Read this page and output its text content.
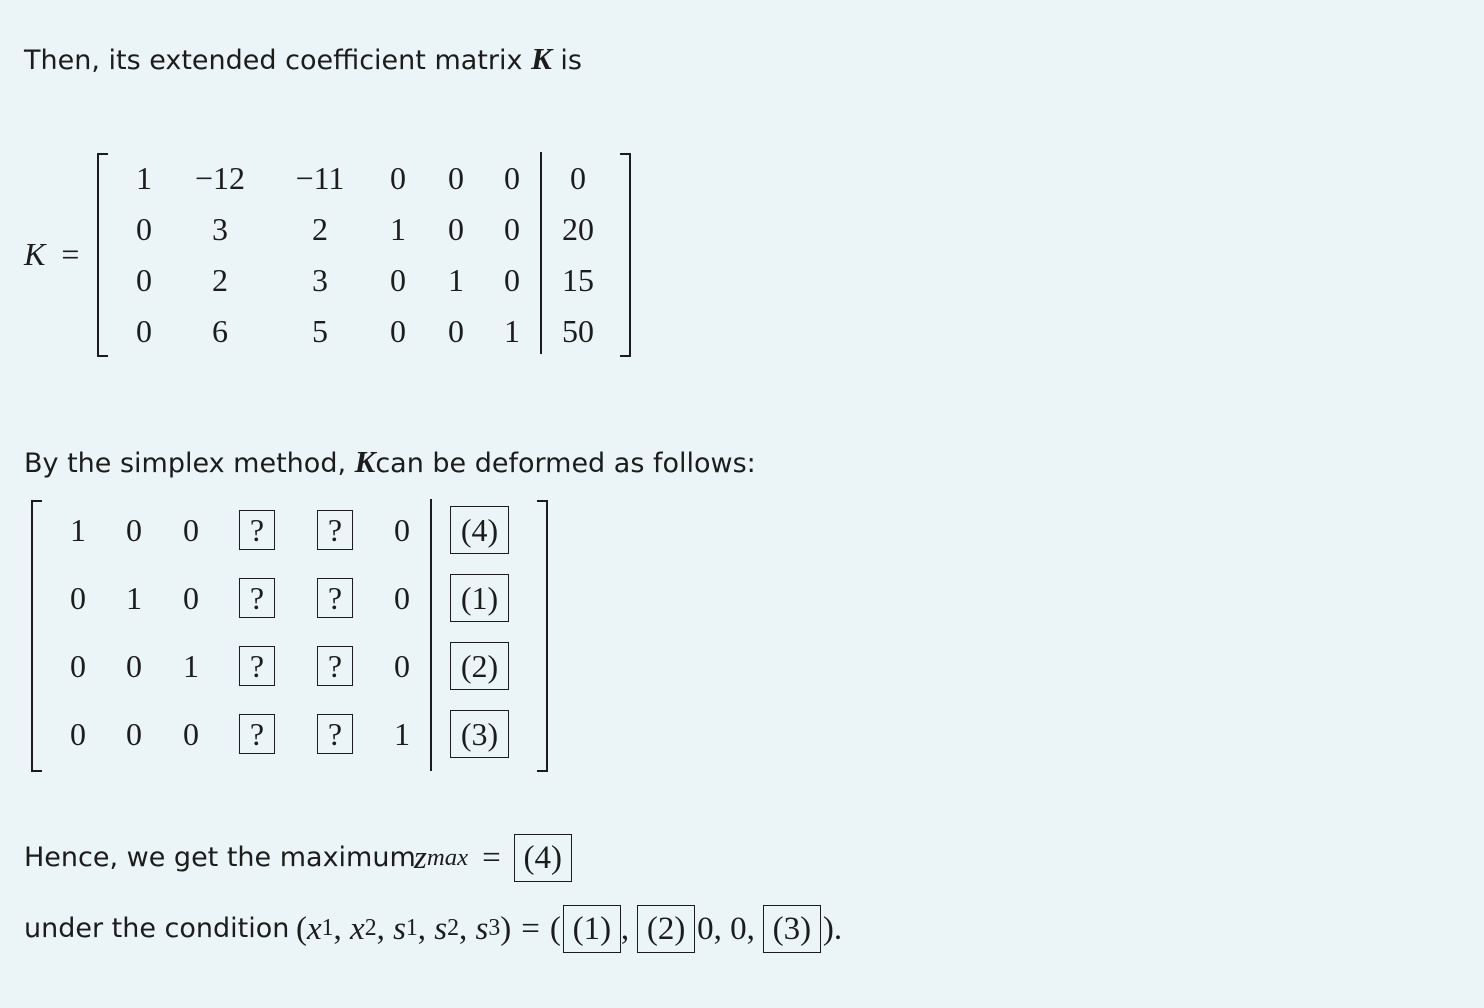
Then, its extended coefficient matrix K is
K =
1 −12 −11 0 0 0 0
0 3	2 1 0 0 20
0 2	3 0 1 0 15
0 6	5 0 0 1 50
By the simplex method, Kcan be deformed as follows:
1 0 0	?	?	0	(4)
0 1 0	?	?	0	(1)
0 0 1	?	?	0	(2)
0 0 0	?	?	1	(3)
Hence, we get the maximum
z max = (4)
under the condition ( x 1 , x 2 , s 1 , s 2 , s 3 ) = ( (1) , (2) 0, 0, (3) ).
